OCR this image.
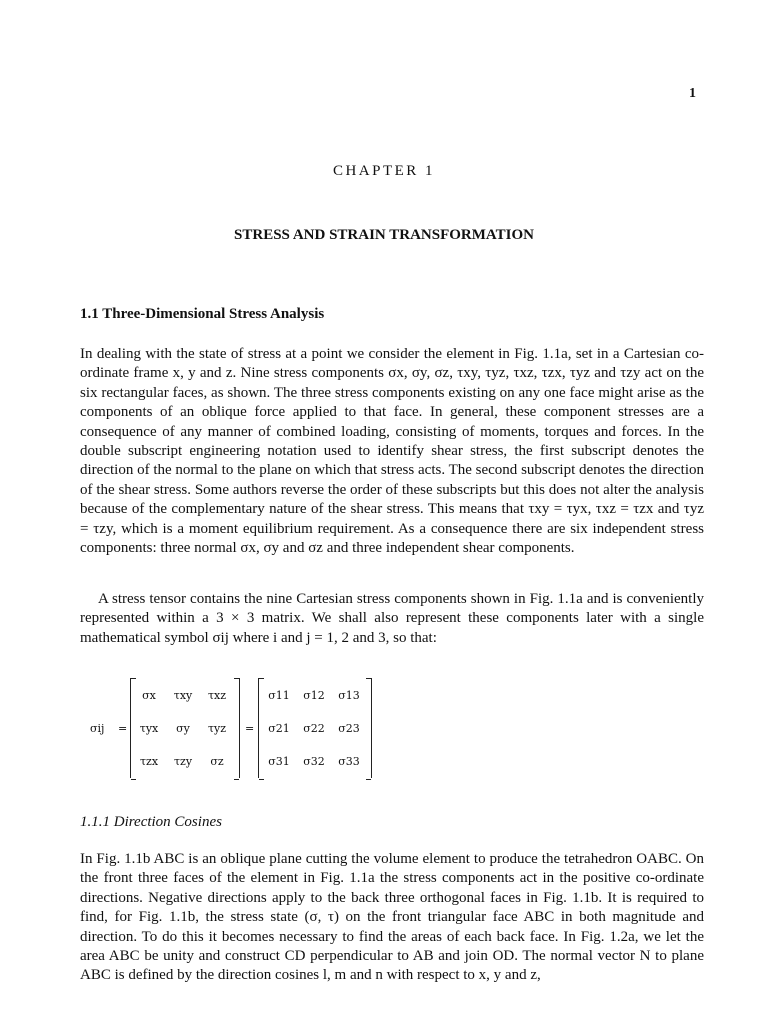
1
CHAPTER 1
STRESS AND STRAIN TRANSFORMATION
1.1 Three-Dimensional Stress Analysis

In dealing with the state of stress at a point we consider the element in Fig. 1.1a, set in a Cartesian co-ordinate frame x, y and z. Nine stress components σx, σy, σz, τxy, τyz, τxz, τzx, τyz and τzy act on the six rectangular faces, as shown. The three stress components existing on any one face might arise as the components of an oblique force applied to that face. In general, these component stresses are a consequence of any manner of combined loading, consisting of moments, torques and forces. In the double subscript engineering notation used to identify shear stress, the first subscript denotes the direction of the normal to the plane on which that stress acts. The second subscript denotes the direction of the shear stress. Some authors reverse the order of these subscripts but this does not alter the analysis because of the complementary nature of the shear stress. This means that τxy = τyx, τxz = τzx and τyz = τzy, which is a moment equilibrium requirement. As a consequence there are six independent stress components: three normal σx, σy and σz and three independent shear components.

A stress tensor contains the nine Cartesian stress components shown in Fig. 1.1a and is conveniently represented within a 3 × 3 matrix. We shall also represent these components later with a single mathematical symbol σij where i and j = 1, 2 and 3, so that:

σij =
σx	τxy	τxz
τyx	σy	τyz
τzx	τzy	σz
=
σ11	σ12	σ13
σ21	σ22	σ23
σ31	σ32	σ33
1.1.1 Direction Cosines

In Fig. 1.1b ABC is an oblique plane cutting the volume element to produce the tetrahedron OABC. On the front three faces of the element in Fig. 1.1a the stress components act in the positive co-ordinate directions. Negative directions apply to the back three orthogonal faces in Fig. 1.1b. It is required to find, for Fig. 1.1b, the stress state (σ, τ) on the front triangular face ABC in both magnitude and direction. To do this it becomes necessary to find the areas of each back face. In Fig. 1.2a, we let the area ABC be unity and construct CD perpendicular to AB and join OD. The normal vector N to plane ABC is defined by the direction cosines l, m and n with respect to x, y and z,
